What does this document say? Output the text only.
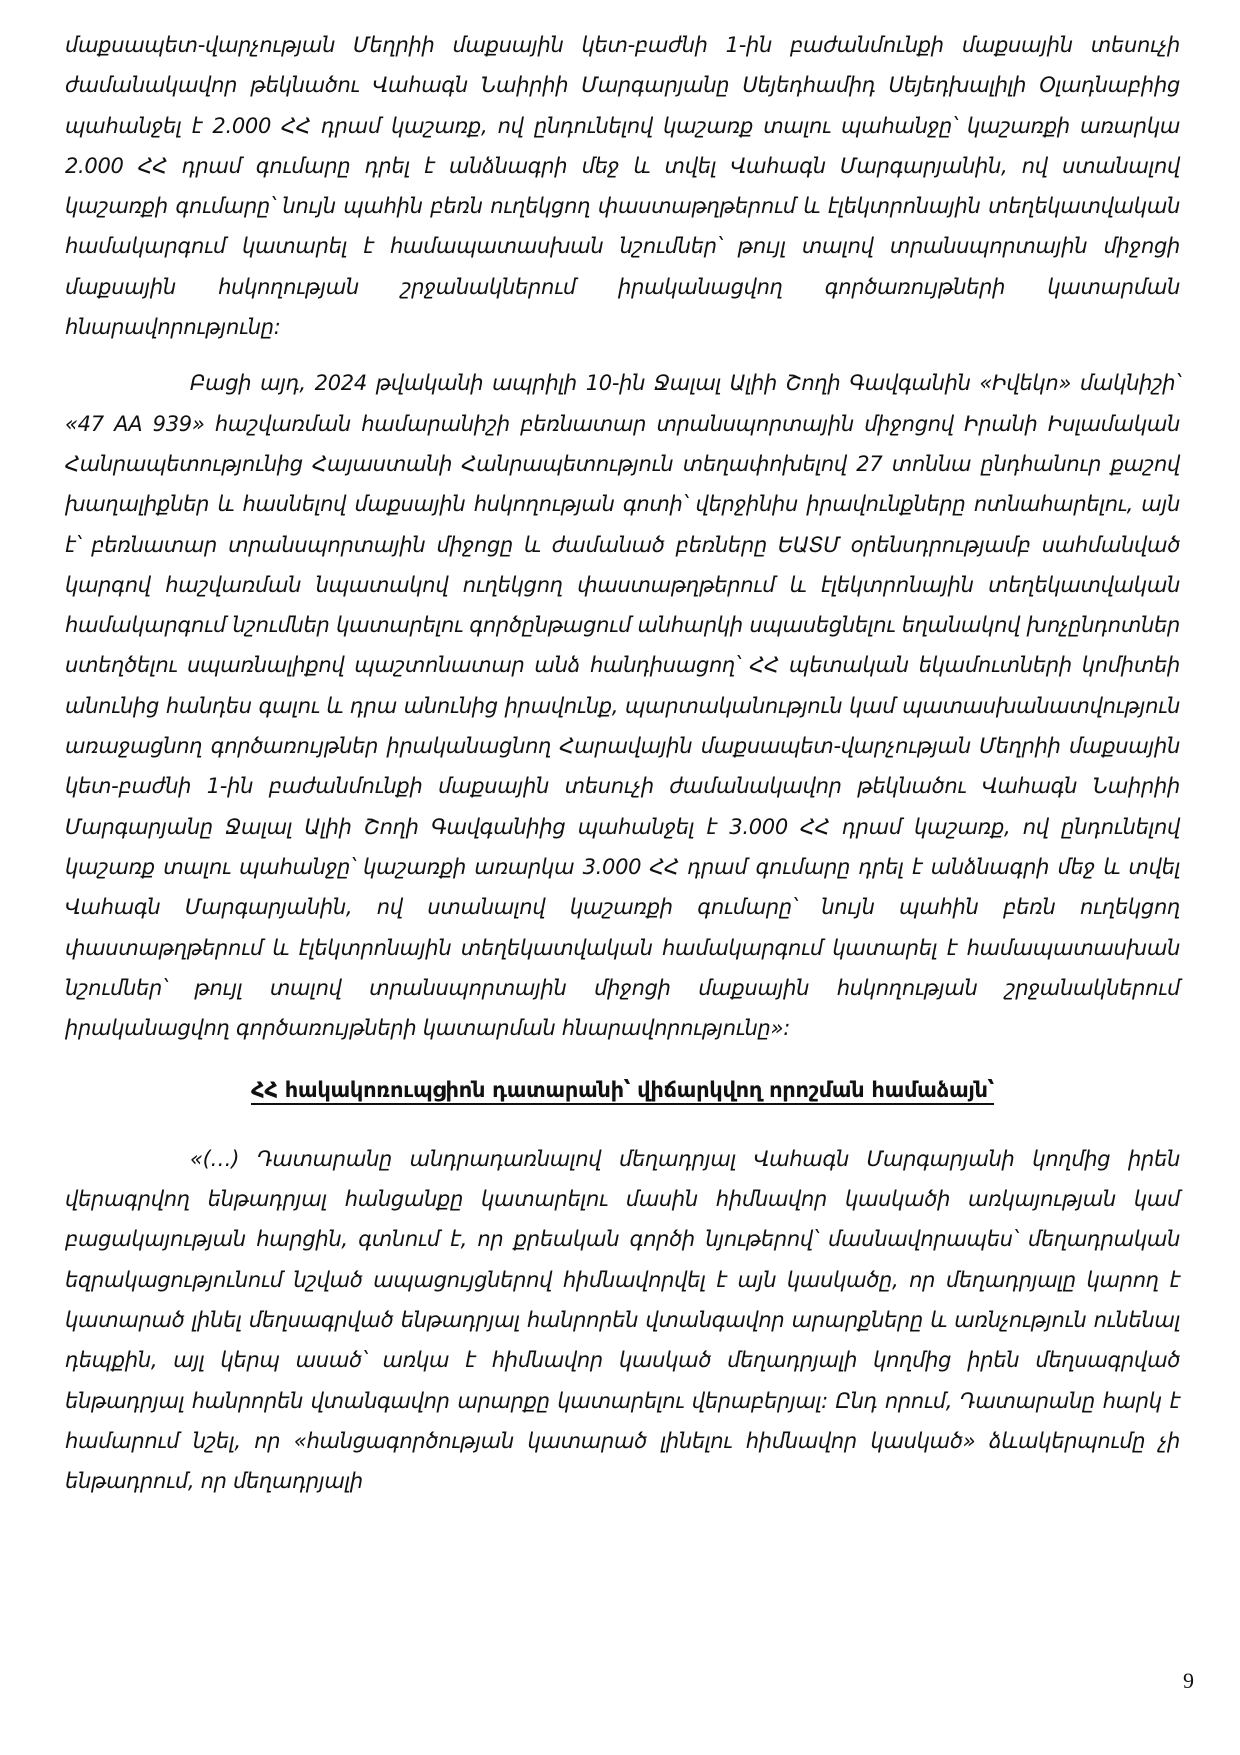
մաքսապետ-վարչության Մեղրիի մաքսային կետ-բաժնի 1-ին բաժանմունքի մաքսային տեսուչի ժամանակավոր թեկնածու Վահագն Նաիրիի Մարգարյանը Սեյեդհամիդ Սեյեդխալիլի Օլադնաբիից պահանջել է 2.000 ՀՀ դրամ կաշառք, ով ընդունելով կաշառք տալու պահանջը՝ կաշառքի առարկա 2.000 ՀՀ դրամ գումարը դրել է անձնագրի մեջ և տվել Վահագն Մարգարյանին, ով ստանալով կաշառքի գումարը՝ նույն պահին բեռն ուղեկցող փաստաթղթերում և էլեկտրոնային տեղեկատվական համակարգում կատարել է համապատասխան նշումներ՝ թույլ տալով տրանսպորտային միջոցի մաքսային հսկողության շրջանակներում իրականացվող գործառույթների կատարման հնարավորությունը:

Բացի այդ, 2024 թվականի ապրիլի 10-ին Ջալալ Ալիի Շողի Գավգանին «Իվեկո» մակնիշի՝ «47 AA 939» հաշվառման համարանիշի բեռնատար տրանսպորտային միջոցով Իրանի Իսլամական Հանրապետությունից Հայաստանի Հանրապետություն տեղափոխելով 27 տոննա ընդհանուր քաշով խաղալիքներ և հասնելով մաքսային հսկողության գոտի՝ վերջինիս իրավունքները ոտնահարելու, այն է՝ բեռնատար տրանսպորտային միջոցը և ժամանած բեռները ԵԱՏՄ օրենսդրությամբ սահմանված կարգով հաշվառման նպատակով ուղեկցող փաստաթղթերում և էլեկտրոնային տեղեկատվական համակարգում նշումներ կատարելու գործընթացում անհարկի սպասեցնելու եղանակով խոչընդոտներ ստեղծելու սպառնալիքով պաշտոնատար անձ հանդիսացող՝ ՀՀ պետական եկամուտների կոմիտեի անունից հանդես գալու և դրա անունից իրավունք, պարտականություն կամ պատասխանատվություն առաջացնող գործառույթներ իրականացնող Հարավային մաքսապետ-վարչության Մեղրիի մաքսային կետ-բաժնի 1-ին բաժանմունքի մաքսային տեսուչի ժամանակավոր թեկնածու Վահագն Նաիրիի Մարգարյանը Ջալալ Ալիի Շողի Գավգանիից պահանջել է 3.000 ՀՀ դրամ կաշառք, ով ընդունելով կաշառք տալու պահանջը՝ կաշառքի առարկա 3.000 ՀՀ դրամ գումարը դրել է անձնագրի մեջ և տվել Վահագն Մարգարյանին, ով ստանալով կաշառքի գումարը՝ նույն պահին բեռն ուղեկցող փաստաթղթերում և էլեկտրոնային տեղեկատվական համակարգում կատարել է համապատասխան նշումներ՝ թույլ տալով տրանսպորտային միջոցի մաքսային հսկողության շրջանակներում իրականացվող գործառույթների կատարման հնարավորությունը»:

ՀՀ հակակոռուպցիոն դատարանի՝ վիճարկվող որոշման համաձայն՝

«(…) Դատարանը անդրադառնալով մեղադրյալ Վահագն Մարգարյանի կողմից իրեն վերագրվող ենթադրյալ հանցանքը կատարելու մասին հիմնավոր կասկածի առկայության կամ բացակայության հարցին, գտնում է, որ քրեական գործի նյութերով՝ մասնավորապես՝ մեղադրական եզրակացությունում նշված ապացույցներով հիմնավորվել է այն կասկածը, որ մեղադրյալը կարող է կատարած լինել մեղսագրված ենթադրյալ հանրորեն վտանգավոր արարքները և առնչություն ունենալ դեպքին, այլ կերպ ասած՝ առկա է հիմնավոր կասկած մեղադրյալի կողմից իրեն մեղսագրված ենթադրյալ հանրորեն վտանգավոր արարքը կատարելու վերաբերյալ: Ընդ որում, Դատարանը հարկ է համարում նշել, որ «հանցագործության կատարած լինելու հիմնավոր կասկած» ձևակերպումը չի ենթադրում, որ մեղադրյալի

9
